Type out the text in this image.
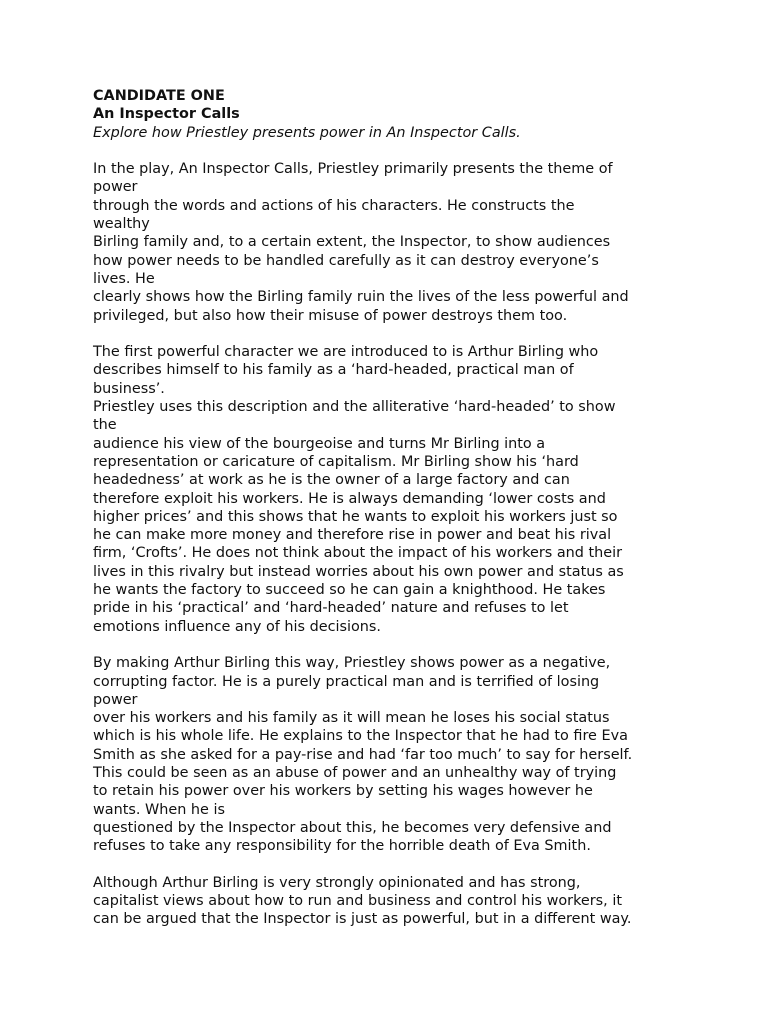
CANDIDATE ONE
An Inspector Calls
Explore how Priestley presents power in An Inspector Calls.
In the play, An Inspector Calls, Priestley primarily presents the theme of
power
through the words and actions of his characters. He constructs the
wealthy
Birling family and, to a certain extent, the Inspector, to show audiences
how power needs to be handled carefully as it can destroy everyone’s
lives. He
clearly shows how the Birling family ruin the lives of the less powerful and
privileged, but also how their misuse of power destroys them too.
The first powerful character we are introduced to is Arthur Birling who
describes himself to his family as a ‘hard-headed, practical man of
business’.
Priestley uses this description and the alliterative ‘hard-headed’ to show
the
audience his view of the bourgeoise and turns Mr Birling into a
representation or caricature of capitalism. Mr Birling show his ‘hard
headedness’ at work as he is the owner of a large factory and can
therefore exploit his workers. He is always demanding ‘lower costs and
higher prices’ and this shows that he wants to exploit his workers just so
he can make more money and therefore rise in power and beat his rival
firm, ‘Crofts’. He does not think about the impact of his workers and their
lives in this rivalry but instead worries about his own power and status as
he wants the factory to succeed so he can gain a knighthood. He takes
pride in his ‘practical’ and ‘hard-headed’ nature and refuses to let
emotions influence any of his decisions.
By making Arthur Birling this way, Priestley shows power as a negative,
corrupting factor. He is a purely practical man and is terrified of losing
power
over his workers and his family as it will mean he loses his social status
which is his whole life. He explains to the Inspector that he had to fire Eva
Smith as she asked for a pay-rise and had ‘far too much’ to say for herself.
This could be seen as an abuse of power and an unhealthy way of trying
to retain his power over his workers by setting his wages however he
wants. When he is
questioned by the Inspector about this, he becomes very defensive and
refuses to take any responsibility for the horrible death of Eva Smith.
Although Arthur Birling is very strongly opinionated and has strong,
capitalist views about how to run and business and control his workers, it
can be argued that the Inspector is just as powerful, but in a different way.
